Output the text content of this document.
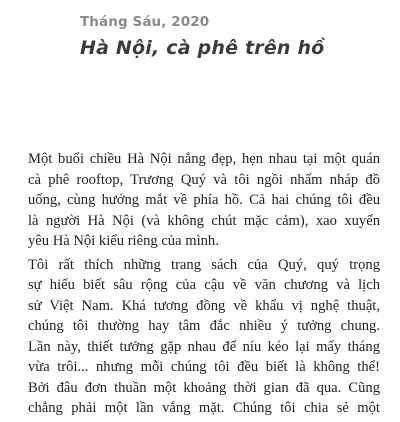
Tháng Sáu, 2020
Hà Nội, cà phê trên hồ
Một buổi chiều Hà Nội nắng đẹp, hẹn nhau tại một quán
cà phê rooftop, Trương Quý và tôi ngồi nhấm nháp đồ
uống, cùng hướng mắt về phía hồ. Cả hai chúng tôi đều
là người Hà Nội (và không chút mặc cảm), xao xuyến
yêu Hà Nội kiểu riêng của mình.
Tôi rất thích những trang sách của Quý, quý trọng
sự hiểu biết sâu rộng của cậu về văn chương và lịch
sử Việt Nam. Khá tương đồng về khẩu vị nghệ thuật,
chúng tôi thường hay tâm đắc nhiều ý tưởng chung.
Lần này, thiết tưởng gặp nhau để níu kéo lại mấy tháng
vừa trôi... nhưng mỗi chúng tôi đều biết là không thể!
Bởi đâu đơn thuần một khoảng thời gian đã qua. Cũng
chẳng phải một lần vắng mặt. Chúng tôi chia sẻ một
